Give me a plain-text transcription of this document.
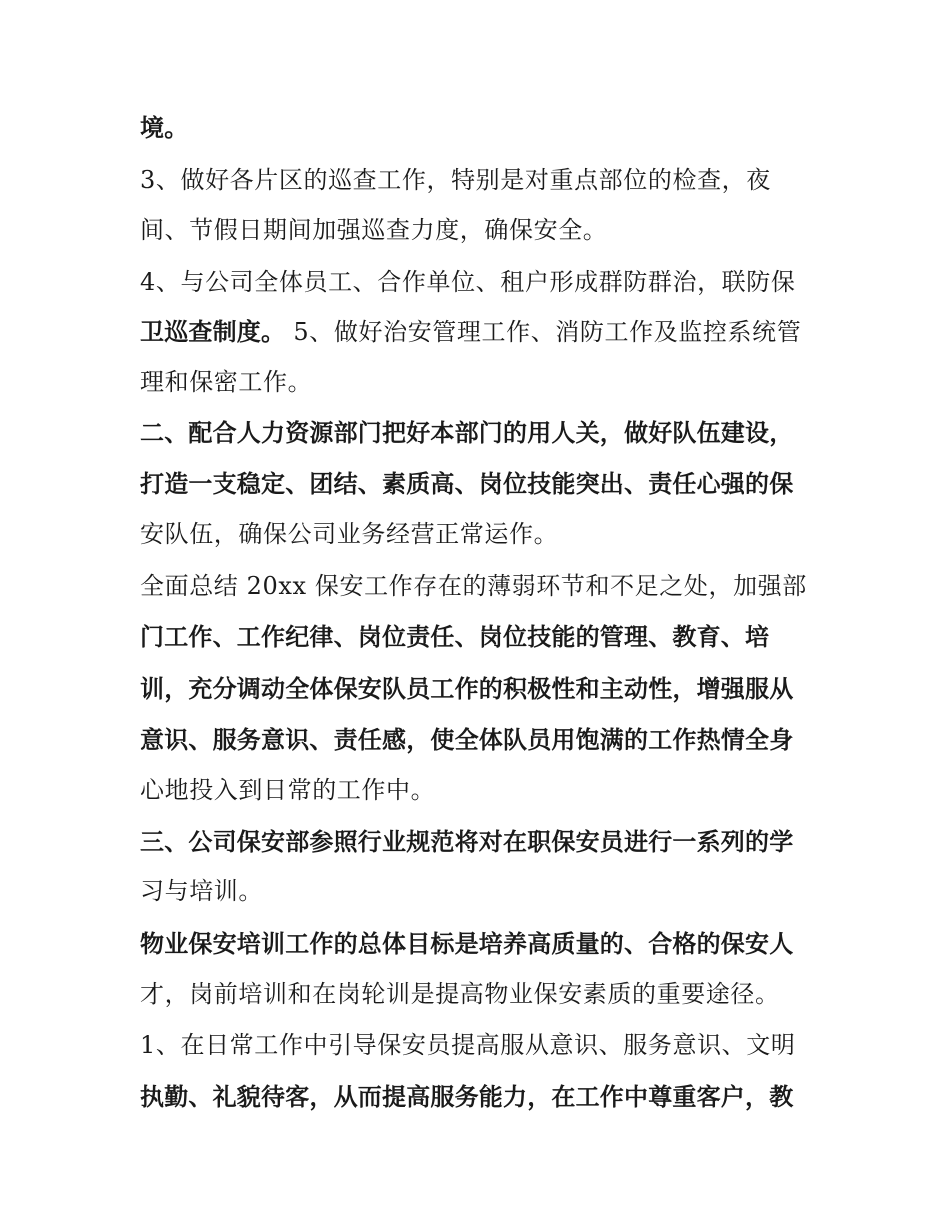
境。
3、做好各片区的巡查工作，特别是对重点部位的检查，夜
间、节假日期间加强巡查力度，确保安全。
4、与公司全体员工、合作单位、租户形成群防群治，联防保
卫巡查制度。 5、做好治安管理工作、消防工作及监控系统管
理和保密工作。
二、配合人力资源部门把好本部门的用人关，做好队伍建设，
打造一支稳定、团结、素质高、岗位技能突出、责任心强的保
安队伍，确保公司业务经营正常运作。
全面总结 20xx 保安工作存在的薄弱环节和不足之处，加强部
门工作、工作纪律、岗位责任、岗位技能的管理、教育、培
训，充分调动全体保安队员工作的积极性和主动性，增强服从
意识、服务意识、责任感，使全体队员用饱满的工作热情全身
心地投入到日常的工作中。
三、公司保安部参照行业规范将对在职保安员进行一系列的学
习与培训。
物业保安培训工作的总体目标是培养高质量的、合格的保安人
才，岗前培训和在岗轮训是提高物业保安素质的重要途径。
1、在日常工作中引导保安员提高服从意识、服务意识、文明
执勤、礼貌待客，从而提高服务能力，在工作中尊重客户，教
